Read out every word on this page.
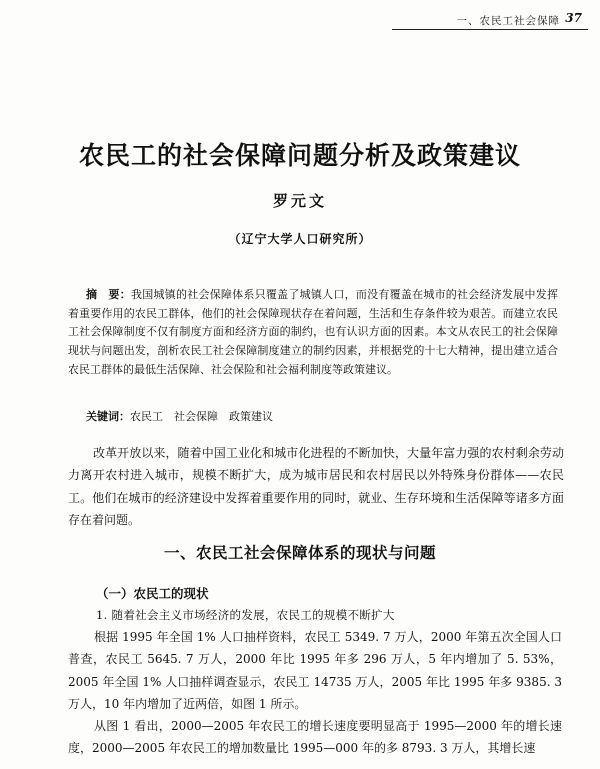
一、农民工社会保障 37
农民工的社会保障问题分析及政策建议
罗元文
（辽宁大学人口研究所）
摘　要：我国城镇的社会保障体系只覆盖了城镇人口，而没有覆盖在城市的社会经济发展中发挥着重要作用的农民工群体，他们的社会保障现状存在着问题，生活和生存条件较为艰苦。而建立农民工社会保障制度不仅有制度方面和经济方面的制约，也有认识方面的因素。本文从农民工的社会保障现状与问题出发，剖析农民工社会保障制度建立的制约因素，并根据党的十七大精神，提出建立适合农民工群体的最低生活保障、社会保险和社会福利制度等政策建议。
关键词：农民工　社会保障　政策建议
改革开放以来，随着中国工业化和城市化进程的不断加快，大量年富力强的农村剩余劳动力离开农村进入城市，规模不断扩大，成为城市居民和农村居民以外特殊身份群体——农民工。他们在城市的经济建设中发挥着重要作用的同时，就业、生存环境和生活保障等诸多方面存在着问题。
一、农民工社会保障体系的现状与问题
（一）农民工的现状
1. 随着社会主义市场经济的发展，农民工的规模不断扩大
根据 1995 年全国 1% 人口抽样资料，农民工 5349. 7 万人，2000 年第五次全国人口普查，农民工 5645. 7 万人，2000 年比 1995 年多 296 万人，5 年内增加了 5. 53%，2005 年全国 1% 人口抽样调查显示，农民工 14735 万人，2005 年比 1995 年多 9385. 3 万人，10 年内增加了近两倍，如图 1 所示。
从图 1 看出，2000—2005 年农民工的增长速度要明显高于 1995—2000 年的增长速度，2000—2005 年农民工的增加数量比 1995—000 年的多 8793. 3 万人，其增长速
